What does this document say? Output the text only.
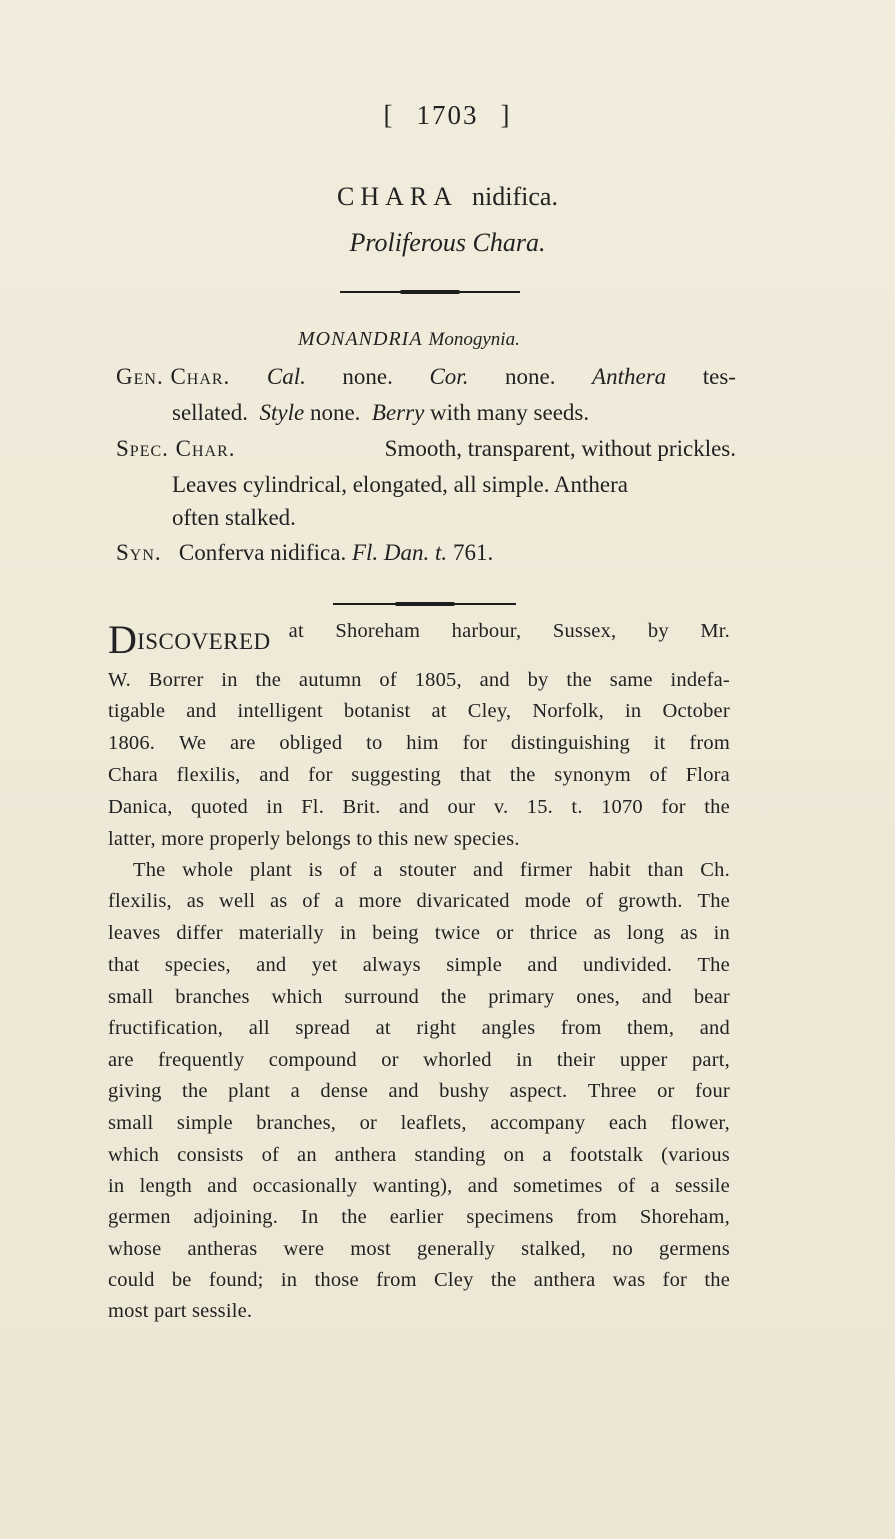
[ 1703 ]
CHARA nidifica.
Proliferous Chara.
MONANDRIA Monogynia.
Gen. Char. Cal. none. Cor. none. Anthera tes-
sellated. Style none. Berry with many seeds.
Spec. Char.	Smooth, transparent, without prickles.
Leaves cylindrical, elongated, all simple. Anthera
often stalked.
Syn. Conferva nidifica. Fl. Dan. t. 761.
DISCOVERED at Shoreham harbour, Sussex, by Mr.
W. Borrer in the autumn of 1805, and by the same indefa-
tigable and intelligent botanist at Cley, Norfolk, in October
1806. We are obliged to him for distinguishing it from
Chara flexilis, and for suggesting that the synonym of Flora
Danica, quoted in Fl. Brit. and our v. 15. t. 1070 for the
latter, more properly belongs to this new species.
The whole plant is of a stouter and firmer habit than Ch.
flexilis, as well as of a more divaricated mode of growth. The
leaves differ materially in being twice or thrice as long as in
that species, and yet always simple and undivided. The
small branches which surround the primary ones, and bear
fructification, all spread at right angles from them, and
are frequently compound or whorled in their upper part,
giving the plant a dense and bushy aspect. Three or four
small simple branches, or leaflets, accompany each flower,
which consists of an anthera standing on a footstalk (various
in length and occasionally wanting), and sometimes of a sessile
germen adjoining. In the earlier specimens from Shoreham,
whose antheras were most generally stalked, no germens
could be found; in those from Cley the anthera was for the
most part sessile.
